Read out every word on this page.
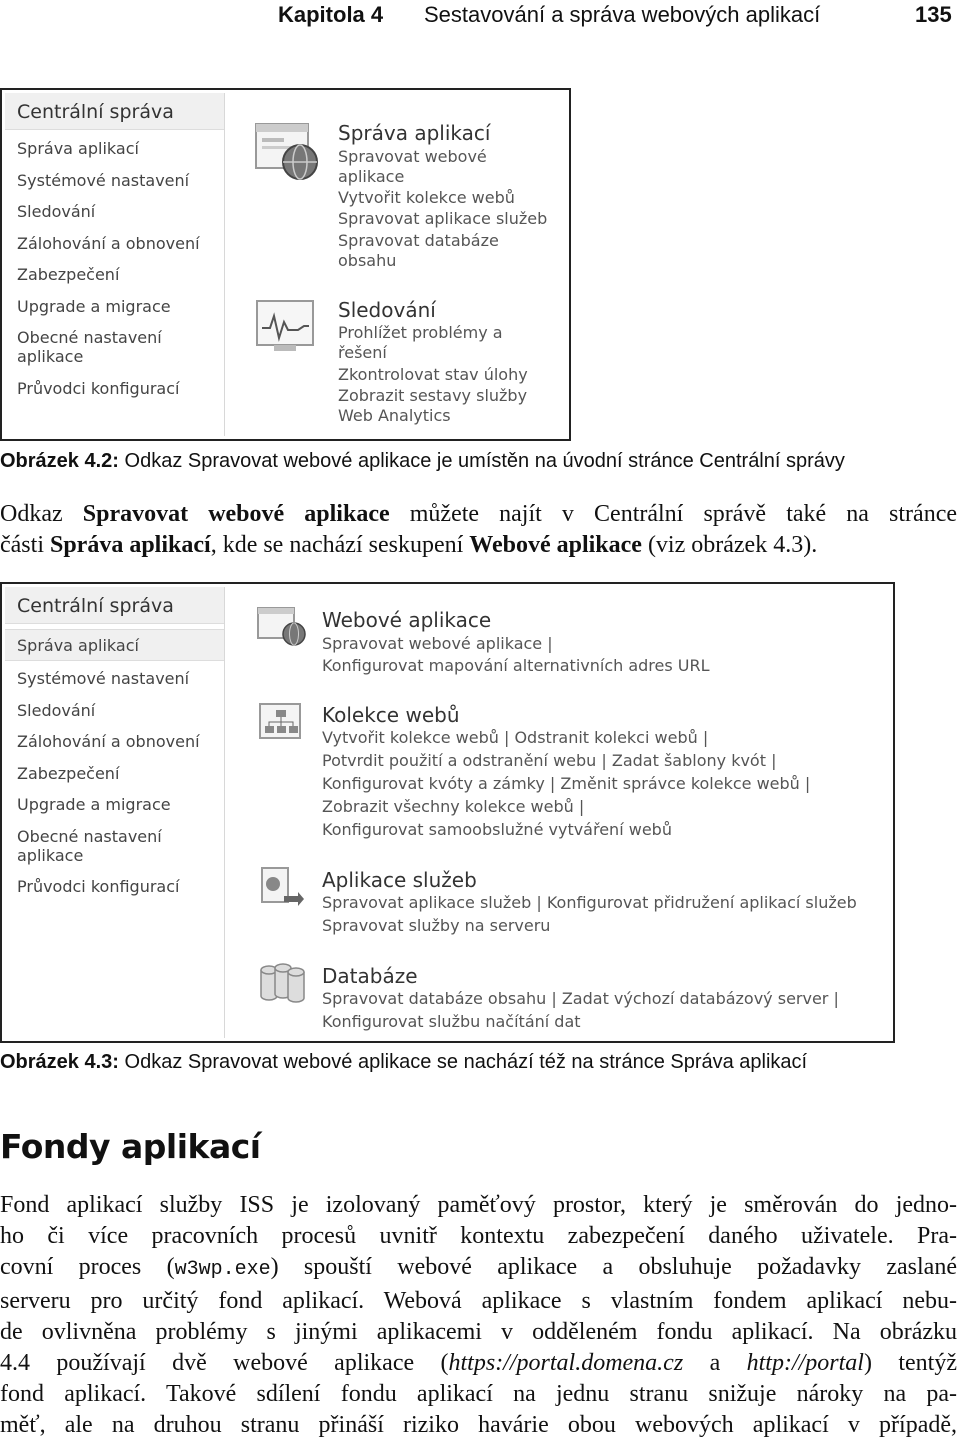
Kapitola 4 Sestavování a správa webových aplikací	135
Centrální správa
Správa aplikací
Systémové nastavení
Sledování
Zálohování a obnovení
Zabezpečení
Upgrade a migrace
Obecné nastavení
aplikace
Průvodci konfigurací
Správa aplikací
Spravovat webové
aplikace
Vytvořit kolekce webů
Spravovat aplikace služeb
Spravovat databáze
obsahu
Sledování
Prohlížet problémy a
řešení
Zkontrolovat stav úlohy
Zobrazit sestavy služby
Web Analytics
Obrázek 4.2: Odkaz Spravovat webové aplikace je umístěn na úvodní stránce Centrální správy
Odkaz Spravovat webové aplikace můžete najít v Centrální správě také na stránce
části Správa aplikací, kde se nachází seskupení Webové aplikace (viz obrázek 4.3).
Centrální správa
Správa aplikací
Systémové nastavení
Sledování
Zálohování a obnovení
Zabezpečení
Upgrade a migrace
Obecné nastavení
aplikace
Průvodci konfigurací
Webové aplikace
Spravovat webové aplikace |
Konfigurovat mapování alternativních adres URL
Kolekce webů
Vytvořit kolekce webů | Odstranit kolekci webů |
Potvrdit použití a odstranění webu | Zadat šablony kvót |
Konfigurovat kvóty a zámky | Změnit správce kolekce webů |
Zobrazit všechny kolekce webů |
Konfigurovat samoobslužné vytváření webů
Aplikace služeb
Spravovat aplikace služeb | Konfigurovat přidružení aplikací služeb
Spravovat služby na serveru
Databáze
Spravovat databáze obsahu | Zadat výchozí databázový server |
Konfigurovat službu načítání dat
Obrázek 4.3: Odkaz Spravovat webové aplikace se nachází též na stránce Správa aplikací
Fondy aplikací
Fond aplikací služby ISS je izolovaný paměťový prostor, který je směrován do jedno-
ho či více pracovních procesů uvnitř kontextu zabezpečení daného uživatele. Pra-
covní proces (w3wp.exe) spouští webové aplikace a obsluhuje požadavky zaslané
serveru pro určitý fond aplikací. Webová aplikace s vlastním fondem aplikací nebu-
de ovlivněna problémy s jinými aplikacemi v odděleném fondu aplikací. Na obrázku
4.4 používají dvě webové aplikace (https://portal.domena.cz a http://portal) tentýž
fond aplikací. Takové sdílení fondu aplikací na jednu stranu snižuje nároky na pa-
měť, ale na druhou stranu přináší riziko havárie obou webových aplikací v případě,
